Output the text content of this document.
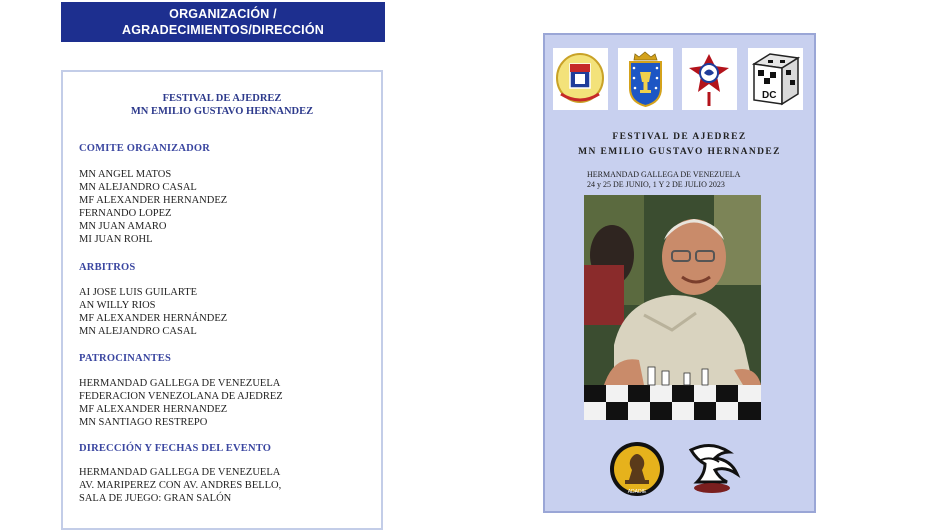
ORGANIZACIÓN /
AGRADECIMIENTOS/DIRECCIÓN
FESTIVAL DE AJEDREZ
MN EMILIO GUSTAVO HERNANDEZ
COMITE ORGANIZADOR
MN ANGEL MATOS
MN ALEJANDRO CASAL
MF ALEXANDER HERNANDEZ
FERNANDO LOPEZ
MN JUAN AMARO
MI JUAN ROHL
ARBITROS
AI JOSE LUIS GUILARTE
AN WILLY RIOS
MF ALEXANDER HERNÁNDEZ
MN ALEJANDRO CASAL
PATROCINANTES
HERMANDAD GALLEGA DE VENEZUELA
FEDERACION VENEZOLANA DE AJEDREZ
MF ALEXANDER HERNANDEZ
MN SANTIAGO RESTREPO
DIRECCIÓN Y FECHAS DEL EVENTO
HERMANDAD GALLEGA DE VENEZUELA
AV. MARIPEREZ CON AV. ANDRES BELLO,
SALA DE JUEGO: GRAN SALÓN
DC
FESTIVAL DE AJEDREZ
MN EMILIO GUSTAVO HERNANDEZ
HERMANDAD GALLEGA DE VENEZUELA
24 y 25 DE JUNIO, 1 Y 2 DE JULIO 2023
ADADIE
